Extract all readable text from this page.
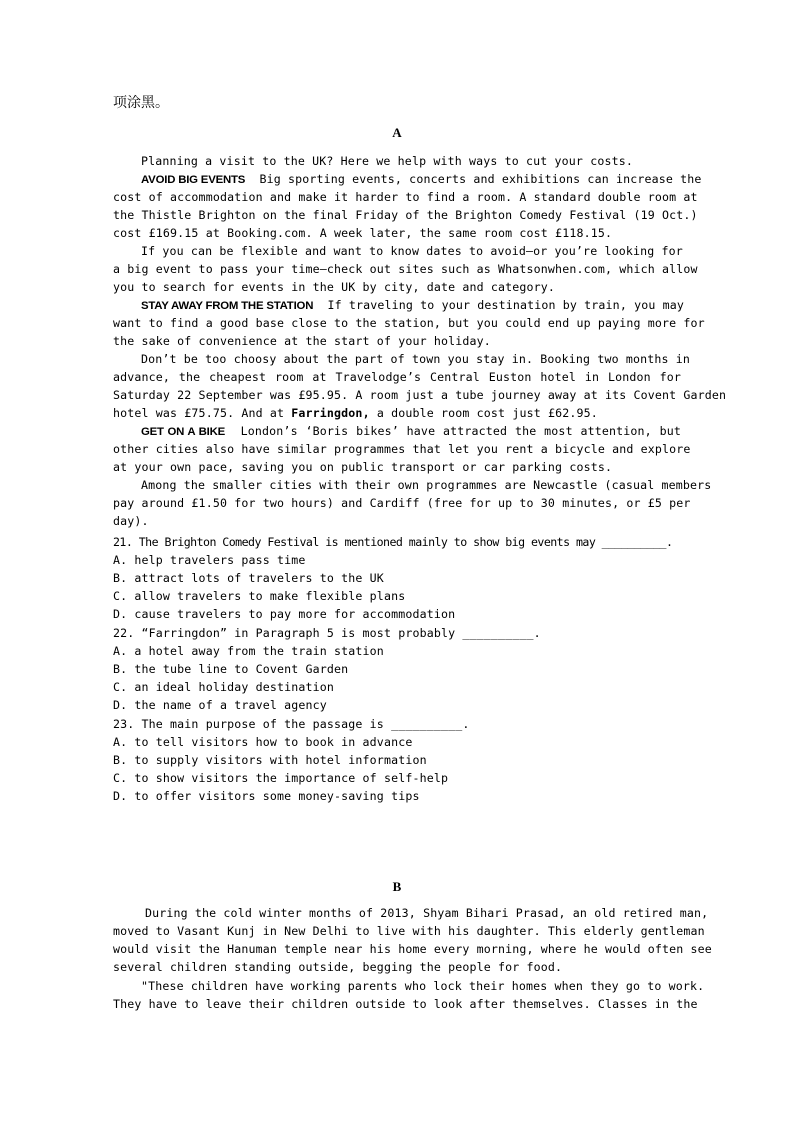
项涂黑。
A
Planning a visit to the UK? Here we help with ways to cut your costs.
AVOID BIG EVENTS Big sporting events, concerts and exhibitions can increase the
cost of accommodation and make it harder to find a room. A standard double room at
the Thistle Brighton on the final Friday of the Brighton Comedy Festival (19 Oct.)
cost £169.15 at Booking.com. A week later, the same room cost £118.15.
If you can be flexible and want to know dates to avoid—or you’re looking for
a big event to pass your time—check out sites such as Whatsonwhen.com, which allow
you to search for events in the UK by city, date and category.
STAY AWAY FROM THE STATION If traveling to your destination by train, you may
want to find a good base close to the station, but you could end up paying more for
the sake of convenience at the start of your holiday.
Don’t be too choosy about the part of town you stay in. Booking two months in
advance, the cheapest room at Travelodge’s Central Euston hotel in London for
Saturday 22 September was £95.95. A room just a tube journey away at its Covent Garden
hotel was £75.75. And at Farringdon, a double room cost just £62.95.
GET ON A BIKE London’s ‘Boris bikes’ have attracted the most attention, but
other cities also have similar programmes that let you rent a bicycle and explore
at your own pace, saving you on public transport or car parking costs.
Among the smaller cities with their own programmes are Newcastle (casual members
pay around £1.50 for two hours) and Cardiff (free for up to 30 minutes, or £5 per
day).
21. The Brighton Comedy Festival is mentioned mainly to show big events may __________.
A. help travelers pass time
B. attract lots of travelers to the UK
C. allow travelers to make flexible plans
D. cause travelers to pay more for accommodation
22. “Farringdon” in Paragraph 5 is most probably __________.
A. a hotel away from the train station
B. the tube line to Covent Garden
C. an ideal holiday destination
D. the name of a travel agency
23. The main purpose of the passage is __________.
A. to tell visitors how to book in advance
B. to supply visitors with hotel information
C. to show visitors the importance of self-help
D. to offer visitors some money-saving tips
B
During the cold winter months of 2013, Shyam Bihari Prasad, an old retired man,
moved to Vasant Kunj in New Delhi to live with his daughter. This elderly gentleman
would visit the Hanuman temple near his home every morning, where he would often see
several children standing outside, begging the people for food.
"These children have working parents who lock their homes when they go to work.
They have to leave their children outside to look after themselves. Classes in the
